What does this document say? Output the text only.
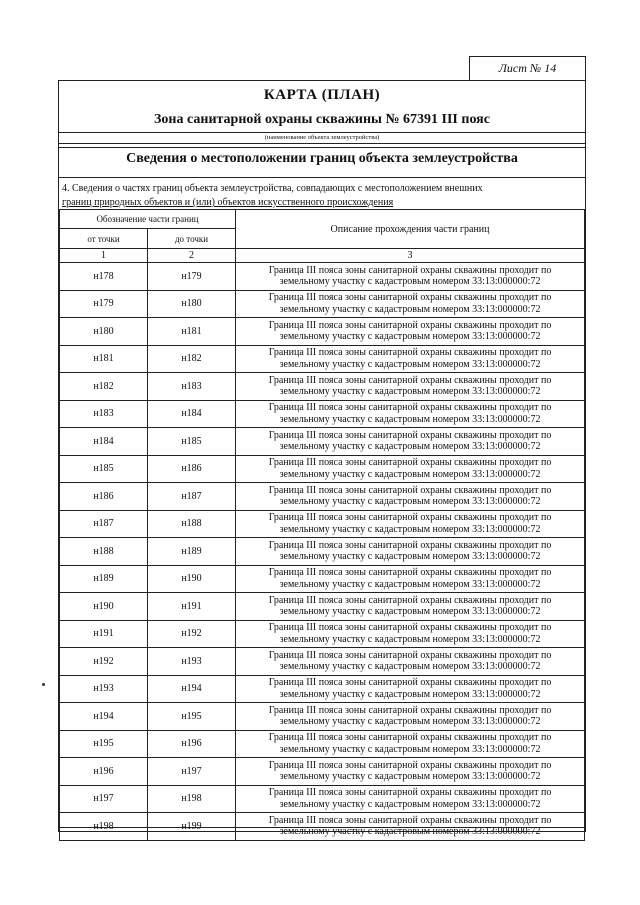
Лист № 14
КАРТА (ПЛАН)
Зона санитарной охраны скважины № 67391 III пояс
(наименование объекта землеустройства)
Сведения о местоположении границ объекта землеустройства
4. Сведения о частях границ объекта землеустройства, совпадающих с местоположением внешних
границ природных объектов и (или) объектов искусственного происхождения
Обозначение части границ		Описание прохождения части границ
от точки	до точки	
1	2	3
н178	н179	Граница III пояса зоны санитарной охраны скважины проходит по
земельному участку с кадастровым номером 33:13:000000:72

н179	н180	Граница III пояса зоны санитарной охраны скважины проходит по
земельному участку с кадастровым номером 33:13:000000:72

н180	н181	Граница III пояса зоны санитарной охраны скважины проходит по
земельному участку с кадастровым номером 33:13:000000:72

н181	н182	Граница III пояса зоны санитарной охраны скважины проходит по
земельному участку с кадастровым номером 33:13:000000:72

н182	н183	Граница III пояса зоны санитарной охраны скважины проходит по
земельному участку с кадастровым номером 33:13:000000:72

н183	н184	Граница III пояса зоны санитарной охраны скважины проходит по
земельному участку с кадастровым номером 33:13:000000:72

н184	н185	Граница III пояса зоны санитарной охраны скважины проходит по
земельному участку с кадастровым номером 33:13:000000:72

н185	н186	Граница III пояса зоны санитарной охраны скважины проходит по
земельному участку с кадастровым номером 33:13:000000:72

н186	н187	Граница III пояса зоны санитарной охраны скважины проходит по
земельному участку с кадастровым номером 33:13:000000:72

н187	н188	Граница III пояса зоны санитарной охраны скважины проходит по
земельному участку с кадастровым номером 33:13:000000:72

н188	н189	Граница III пояса зоны санитарной охраны скважины проходит по
земельному участку с кадастровым номером 33:13:000000:72

н189	н190	Граница III пояса зоны санитарной охраны скважины проходит по
земельному участку с кадастровым номером 33:13:000000:72

н190	н191	Граница III пояса зоны санитарной охраны скважины проходит по
земельному участку с кадастровым номером 33:13:000000:72

н191	н192	Граница III пояса зоны санитарной охраны скважины проходит по
земельному участку с кадастровым номером 33:13:000000:72

н192	н193	Граница III пояса зоны санитарной охраны скважины проходит по
земельному участку с кадастровым номером 33:13:000000:72

н193	н194	Граница III пояса зоны санитарной охраны скважины проходит по
земельному участку с кадастровым номером 33:13:000000:72

н194	н195	Граница III пояса зоны санитарной охраны скважины проходит по
земельному участку с кадастровым номером 33:13:000000:72

н195	н196	Граница III пояса зоны санитарной охраны скважины проходит по
земельному участку с кадастровым номером 33:13:000000:72

н196	н197	Граница III пояса зоны санитарной охраны скважины проходит по
земельному участку с кадастровым номером 33:13:000000:72

н197	н198	Граница III пояса зоны санитарной охраны скважины проходит по
земельному участку с кадастровым номером 33:13:000000:72

н198	н199	Граница III пояса зоны санитарной охраны скважины проходит по
земельному участку с кадастровым номером 33:13:000000:72
